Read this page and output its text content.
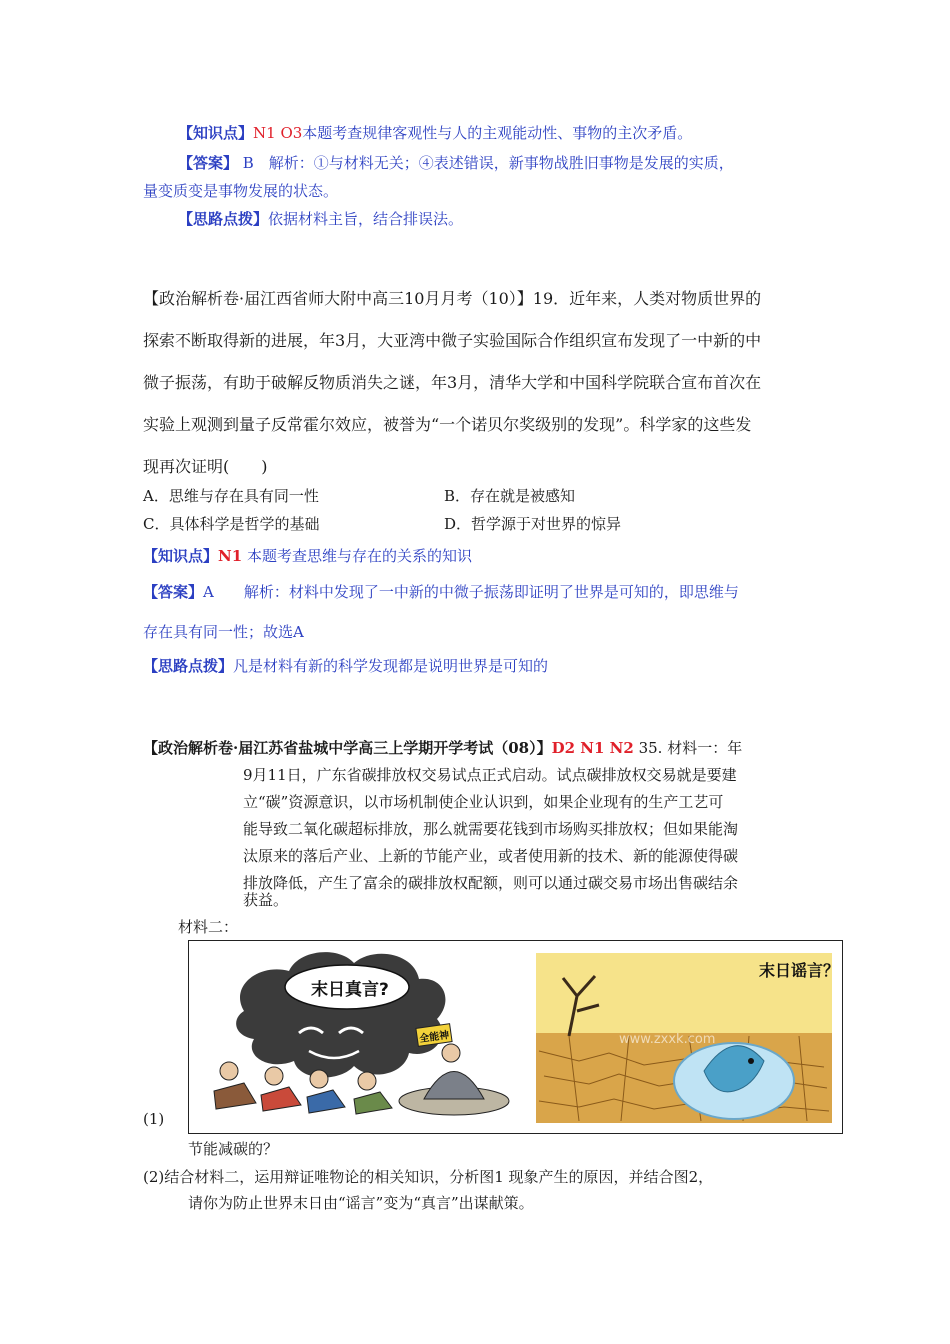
【知识点】N1 O3本题考查规律客观性与人的主观能动性、事物的主次矛盾。
【答案】 B　解析：①与材料无关；④表述错误，新事物战胜旧事物是发展的实质，
量变质变是事物发展的状态。
【思路点拨】依据材料主旨，结合排误法。
【政治解析卷·届江西省师大附中高三10月月考（10）】19．近年来，人类对物质世界的
探索不断取得新的进展，年3月，大亚湾中微子实验国际合作组织宣布发现了一中新的中
微子振荡，有助于破解反物质消失之谜，年3月，清华大学和中国科学院联合宣布首次在
实验上观测到量子反常霍尔效应，被誉为“一个诺贝尔奖级别的发现”。科学家的这些发
现再次证明(　　)
A．思维与存在具有同一性	B．存在就是被感知
C．具体科学是哲学的基础	D．哲学源于对世界的惊异
【知识点】N1 本题考查思维与存在的关系的知识
【答案】A　　解析：材料中发现了一中新的中微子振荡即证明了世界是可知的，即思维与
存在具有同一性；故选A
【思路点拨】凡是材料有新的科学发现都是说明世界是可知的
【政治解析卷·届江苏省盐城中学高三上学期开学考试（08）】D2 N1 N2 35. 材料一：年
9月11日，广东省碳排放权交易试点正式启动。试点碳排放权交易就是要建
立“碳”资源意识，以市场机制使企业认识到，如果企业现有的生产工艺可
能导致二氧化碳超标排放，那么就需要花钱到市场购买排放权；但如果能淘
汰原来的落后产业、上新的节能产业，或者使用新的技术、新的能源使得碳
排放降低，产生了富余的碳排放权配额，则可以通过碳交易市场出售碳结余
获益。
材料二：
(1)
全能神
末日真言?
末日谣言？
www.zxxk.com
节能减碳的？
(2)结合材料二，运用辩证唯物论的相关知识，分析图1 现象产生的原因，并结合图2，
请你为防止世界末日由“谣言”变为“真言”出谋献策。
